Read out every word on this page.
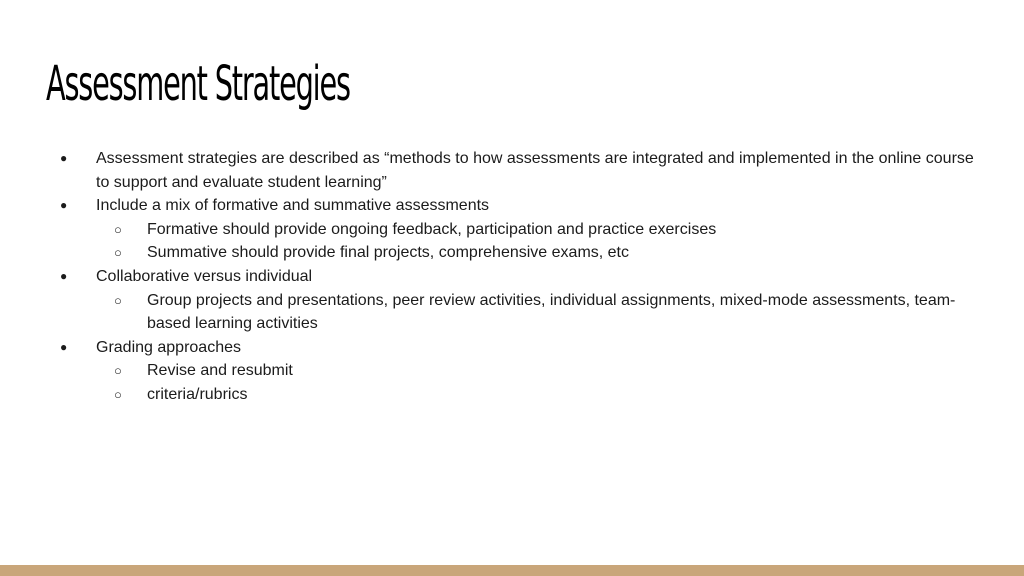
Assessment Strategies
● Assessment strategies are described as “methods to how assessments are integrated and implemented in the online course to support and evaluate student learning”
● Include a mix of formative and summative assessments
○ Formative should provide ongoing feedback, participation and practice exercises
○ Summative should provide final projects, comprehensive exams, etc
● Collaborative versus individual
○ Group projects and presentations, peer review activities, individual assignments, mixed-mode assessments, team-based learning activities
● Grading approaches
○ Revise and resubmit
○ criteria/rubrics
